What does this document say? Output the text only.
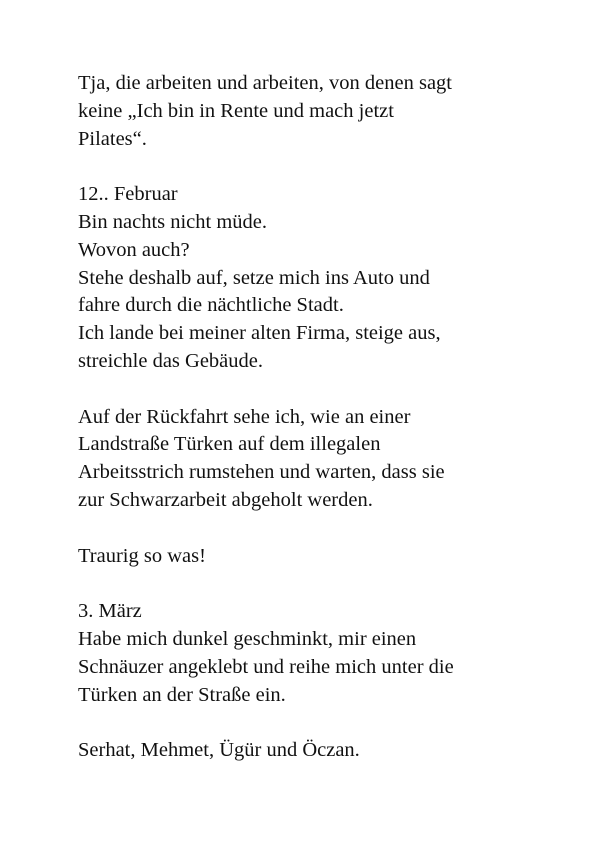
Tja, die arbeiten und arbeiten, von denen sagt
keine „Ich bin in Rente und mach jetzt
Pilates“.

12.. Februar
Bin nachts nicht müde.
Wovon auch?
Stehe deshalb auf, setze mich ins Auto und
fahre durch die nächtliche Stadt.
Ich lande bei meiner alten Firma, steige aus,
streichle das Gebäude.

Auf der Rückfahrt sehe ich, wie an einer
Landstraße Türken auf dem illegalen
Arbeitsstrich rumstehen und warten, dass sie
zur Schwarzarbeit abgeholt werden.

Traurig so was!

3. März
Habe mich dunkel geschminkt, mir einen
Schnäuzer angeklebt und reihe mich unter die
Türken an der Straße ein.

Serhat, Mehmet, Ügür und Öczan.
